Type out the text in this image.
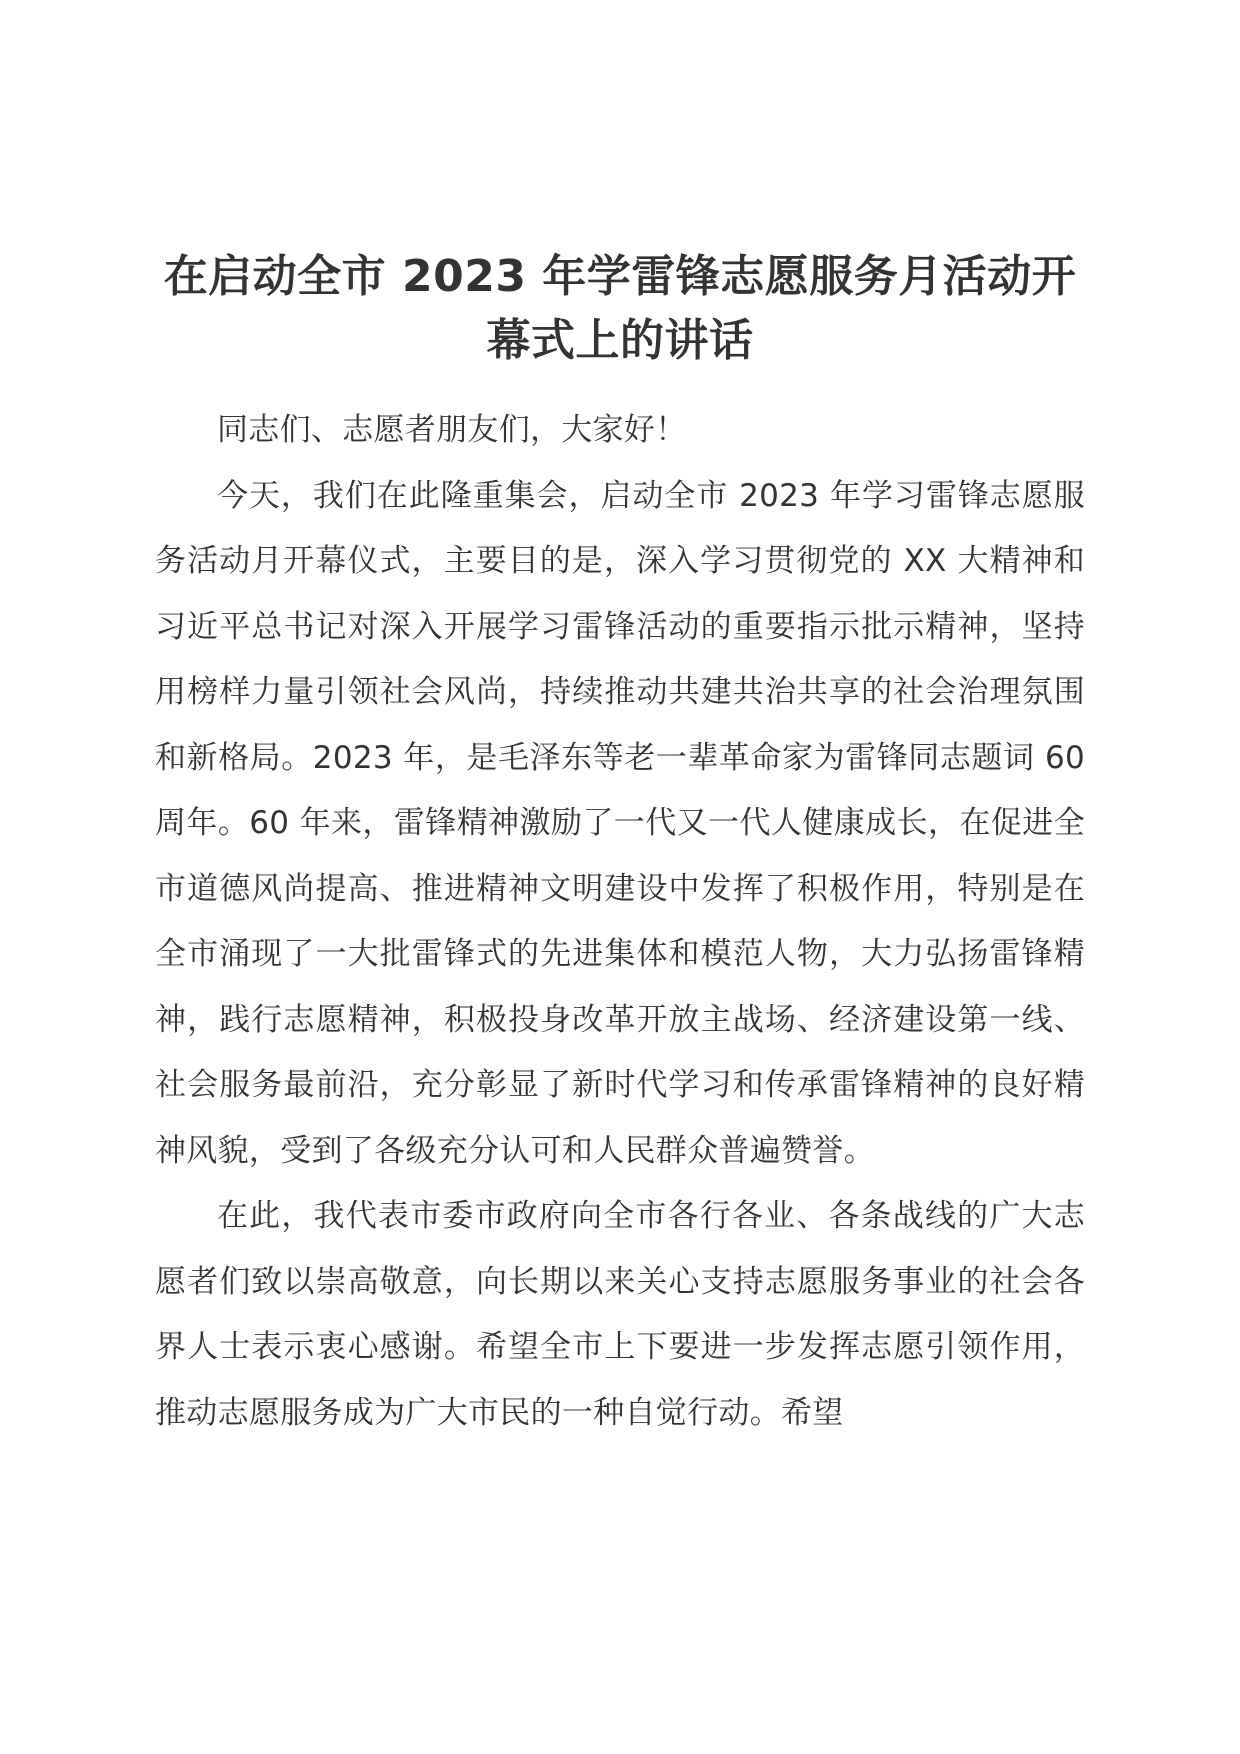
在启动全市 2023 年学雷锋志愿服务月活动开幕式上的讲话

同志们、志愿者朋友们，大家好！

今天，我们在此隆重集会，启动全市 2023 年学习雷锋志愿服务活动月开幕仪式，主要目的是，深入学习贯彻党的 XX 大精神和习近平总书记对深入开展学习雷锋活动的重要指示批示精神，坚持用榜样力量引领社会风尚，持续推动共建共治共享的社会治理氛围和新格局。2023 年，是毛泽东等老一辈革命家为雷锋同志题词 60 周年。60 年来，雷锋精神激励了一代又一代人健康成长，在促进全市道德风尚提高、推进精神文明建设中发挥了积极作用，特别是在全市涌现了一大批雷锋式的先进集体和模范人物，大力弘扬雷锋精神，践行志愿精神，积极投身改革开放主战场、经济建设第一线、社会服务最前沿，充分彰显了新时代学习和传承雷锋精神的良好精神风貌，受到了各级充分认可和人民群众普遍赞誉。

在此，我代表市委市政府向全市各行各业、各条战线的广大志愿者们致以崇高敬意，向长期以来关心支持志愿服务事业的社会各界人士表示衷心感谢。希望全市上下要进一步发挥志愿引领作用，推动志愿服务成为广大市民的一种自觉行动。希望
